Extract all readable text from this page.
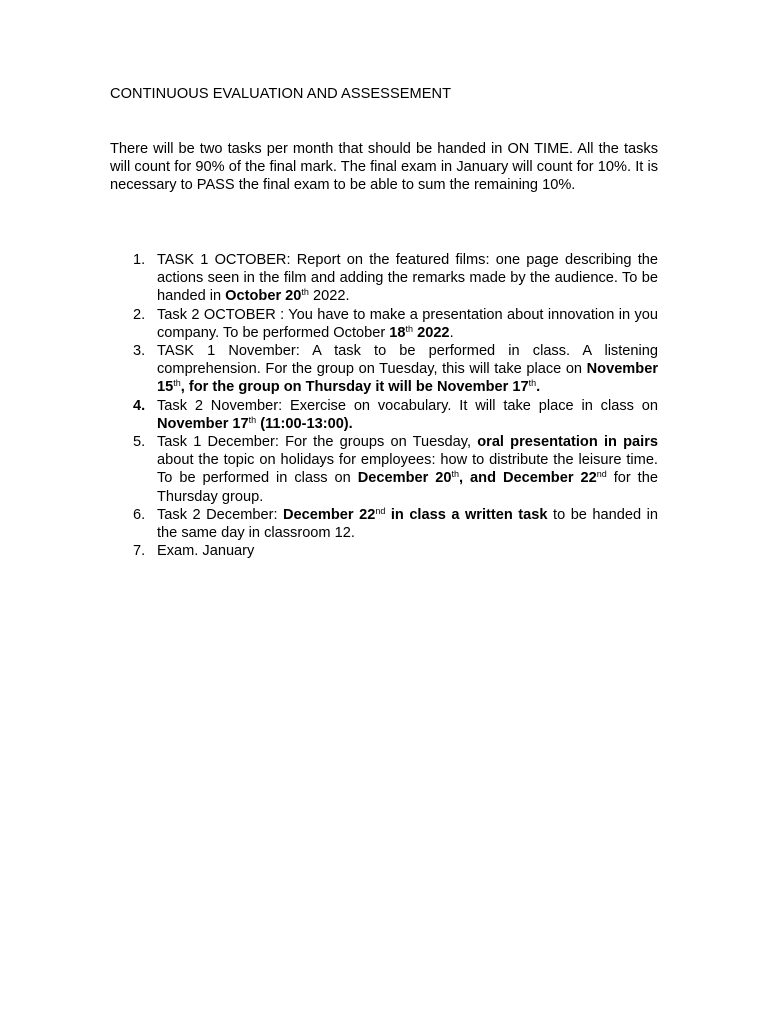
CONTINUOUS EVALUATION AND ASSESSEMENT

There will be two tasks per month that should be handed in ON TIME. All the tasks will count for 90% of the final mark. The final exam in January will count for 10%. It is necessary to PASS the final exam to be able to sum the remaining 10%.

1. TASK 1 OCTOBER: Report on the featured films: one page describing the actions seen in the film and adding the remarks made by the audience. To be handed in October 20th 2022.
2. Task 2 OCTOBER : You have to make a presentation about innovation in you company. To be performed October 18th 2022.
3. TASK 1 November: A task to be performed in class. A listening comprehension. For the group on Tuesday, this will take place on November 15th, for the group on Thursday it will be November 17th.
4. Task 2 November: Exercise on vocabulary. It will take place in class on November 17th (11:00-13:00).
5. Task 1 December: For the groups on Tuesday, oral presentation in pairs about the topic on holidays for employees: how to distribute the leisure time. To be performed in class on December 20th, and December 22nd for the Thursday group.
6. Task 2 December: December 22nd in class a written task to be handed in the same day in classroom 12.
7. Exam. January
